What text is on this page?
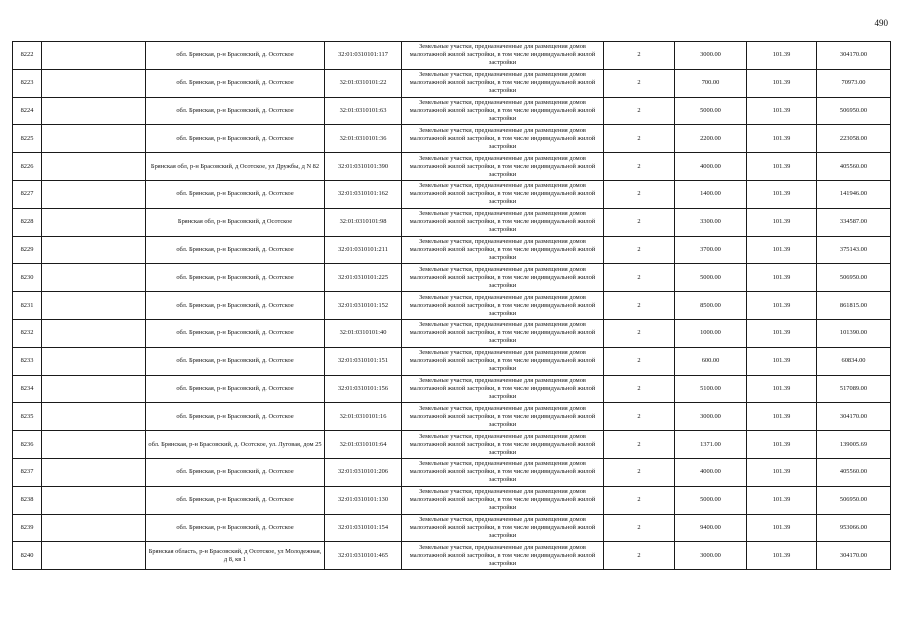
490
8222		обл. Брянская, р-н Брасовский, д. Осотское	32:01:0310101:117	Земельные участки, предназначенные для размещения домов малоэтажной жилой застройки, в том числе индивидуальной жилой застройки	2	3000.00	101.39	304170.00
8223		обл. Брянская, р-н Брасовский, д. Осотское	32:01:0310101:22	Земельные участки, предназначенные для размещения домов малоэтажной жилой застройки, в том числе индивидуальной жилой застройки	2	700.00	101.39	70973.00
8224		обл. Брянская, р-н Брасовский, д. Осотское	32:01:0310101:63	Земельные участки, предназначенные для размещения домов малоэтажной жилой застройки, в том числе индивидуальной жилой застройки	2	5000.00	101.39	506950.00
8225		обл. Брянская, р-н Брасовский, д. Осотское	32:01:0310101:36	Земельные участки, предназначенные для размещения домов малоэтажной жилой застройки, в том числе индивидуальной жилой застройки	2	2200.00	101.39	223058.00
8226		Брянская обл, р-н Брасовский, д Осотское, ул Дружбы, д N 82	32:01:0310101:390	Земельные участки, предназначенные для размещения домов малоэтажной жилой застройки, в том числе индивидуальной жилой застройки	2	4000.00	101.39	405560.00
8227		обл. Брянская, р-н Брасовский, д. Осотское	32:01:0310101:162	Земельные участки, предназначенные для размещения домов малоэтажной жилой застройки, в том числе индивидуальной жилой застройки	2	1400.00	101.39	141946.00
8228		Брянская обл, р-н Брасовский, д Осотское	32:01:0310101:98	Земельные участки, предназначенные для размещения домов малоэтажной жилой застройки, в том числе индивидуальной жилой застройки	2	3300.00	101.39	334587.00
8229		обл. Брянская, р-н Брасовский, д. Осотское	32:01:0310101:211	Земельные участки, предназначенные для размещения домов малоэтажной жилой застройки, в том числе индивидуальной жилой застройки	2	3700.00	101.39	375143.00
8230		обл. Брянская, р-н Брасовский, д. Осотское	32:01:0310101:225	Земельные участки, предназначенные для размещения домов малоэтажной жилой застройки, в том числе индивидуальной жилой застройки	2	5000.00	101.39	506950.00
8231		обл. Брянская, р-н Брасовский, д. Осотское	32:01:0310101:152	Земельные участки, предназначенные для размещения домов малоэтажной жилой застройки, в том числе индивидуальной жилой застройки	2	8500.00	101.39	861815.00
8232		обл. Брянская, р-н Брасовский, д. Осотское	32:01:0310101:40	Земельные участки, предназначенные для размещения домов малоэтажной жилой застройки, в том числе индивидуальной жилой застройки	2	1000.00	101.39	101390.00
8233		обл. Брянская, р-н Брасовский, д. Осотское	32:01:0310101:151	Земельные участки, предназначенные для размещения домов малоэтажной жилой застройки, в том числе индивидуальной жилой застройки	2	600.00	101.39	60834.00
8234		обл. Брянская, р-н Брасовский, д. Осотское	32:01:0310101:156	Земельные участки, предназначенные для размещения домов малоэтажной жилой застройки, в том числе индивидуальной жилой застройки	2	5100.00	101.39	517089.00
8235		обл. Брянская, р-н Брасовский, д. Осотское	32:01:0310101:16	Земельные участки, предназначенные для размещения домов малоэтажной жилой застройки, в том числе индивидуальной жилой застройки	2	3000.00	101.39	304170.00
8236		обл. Брянская, р-н Брасовский, д. Осотское, ул. Луговая, дом 25	32:01:0310101:64	Земельные участки, предназначенные для размещения домов малоэтажной жилой застройки, в том числе индивидуальной жилой застройки	2	1371.00	101.39	139005.69
8237		обл. Брянская, р-н Брасовский, д. Осотское	32:01:0310101:206	Земельные участки, предназначенные для размещения домов малоэтажной жилой застройки, в том числе индивидуальной жилой застройки	2	4000.00	101.39	405560.00
8238		обл. Брянская, р-н Брасовский, д. Осотское	32:01:0310101:130	Земельные участки, предназначенные для размещения домов малоэтажной жилой застройки, в том числе индивидуальной жилой застройки	2	5000.00	101.39	506950.00
8239		обл. Брянская, р-н Брасовский, д. Осотское	32:01:0310101:154	Земельные участки, предназначенные для размещения домов малоэтажной жилой застройки, в том числе индивидуальной жилой застройки	2	9400.00	101.39	953066.00
8240		Брянская область, р-н Брасовский, д Осотское, ул Молодежная, д 8, кв 1	32:01:0310101:465	Земельные участки, предназначенные для размещения домов малоэтажной жилой застройки, в том числе индивидуальной жилой застройки	2	3000.00	101.39	304170.00
